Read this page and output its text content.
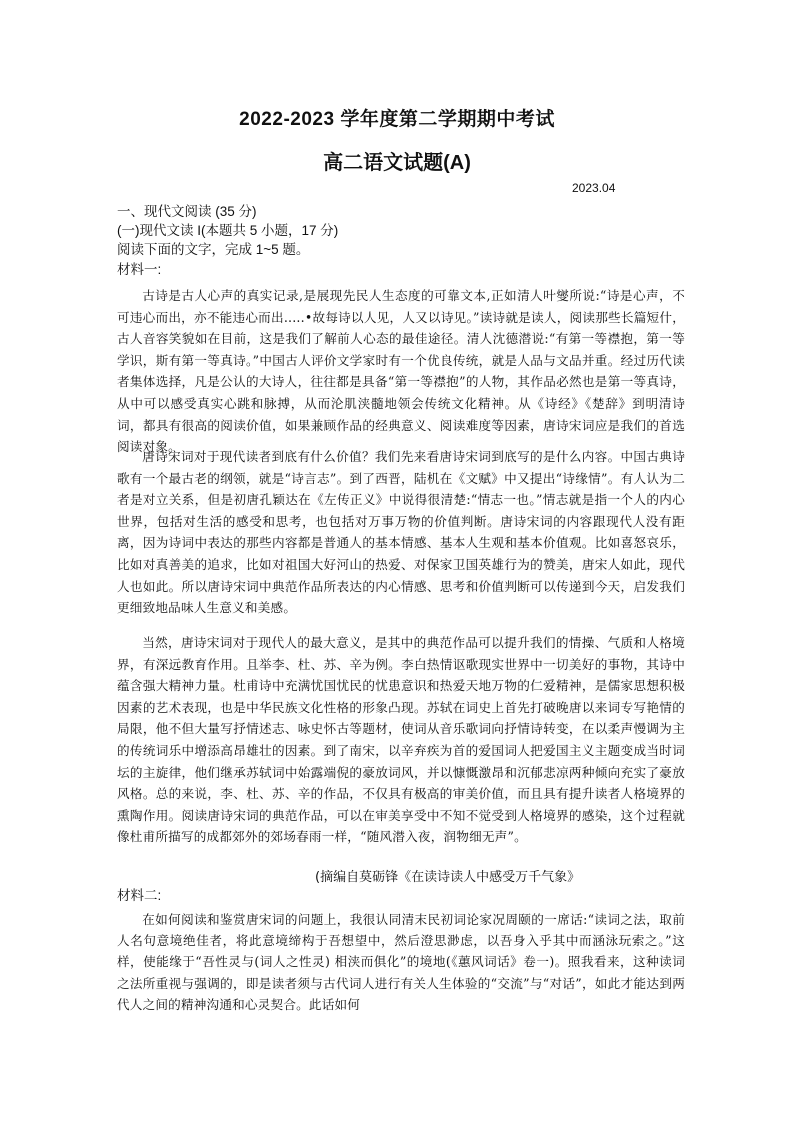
2022-2023 学年度第二学期期中考试
高二语文试题(A)
2023.04
一、现代文阅读 (35 分)
(一)现代文读 I(本题共 5 小题，17 分)
阅读下面的文字，完成 1~5 题。
材料一:
古诗是古人心声的真实记录,是展现先民人生态度的可靠文本,正如清人叶燮所说:“诗是心声，不可违心而出，亦不能违心而出.....•故每诗以人见，人又以诗见。”读诗就是读人，阅读那些长篇短什，古人音容笑貌如在目前，这是我们了解前人心态的最佳途径。清人沈德潜说:“有第一等襟抱，第一等学识，斯有第一等真诗。”中国古人评价文学家时有一个优良传统，就是人品与文品并重。经过历代读者集体选择，凡是公认的大诗人，往往都是具备“第一等襟抱”的人物，其作品必然也是第一等真诗，从中可以感受真实心跳和脉搏，从而沦肌浃髓地领会传统文化精神。从《诗经》《楚辞》到明清诗词，都具有很高的阅读价值，如果兼顾作品的经典意义、阅读难度等因素，唐诗宋词应是我们的首选阅读对象。
唐诗宋词对于现代读者到底有什么价值？我们先来看唐诗宋词到底写的是什么内容。中国古典诗歌有一个最古老的纲领，就是“诗言志”。到了西晋，陆机在《文赋》中又提出“诗缘情”。有人认为二者是对立关系，但是初唐孔颖达在《左传正义》中说得很清楚:“情志一也。”情志就是指一个人的内心世界，包括对生活的感受和思考，也包括对万事万物的价值判断。唐诗宋词的内容跟现代人没有距离，因为诗词中表达的那些内容都是普通人的基本情感、基本人生观和基本价值观。比如喜怒哀乐，比如对真善美的追求，比如对祖国大好河山的热爱、对保家卫国英雄行为的赞美，唐宋人如此，现代人也如此。所以唐诗宋词中典范作品所表达的内心情感、思考和价值判断可以传递到今天，启发我们更细致地品味人生意义和美感。
当然，唐诗宋词对于现代人的最大意义，是其中的典范作品可以提升我们的情操、气质和人格境界，有深远教育作用。且举李、杜、苏、辛为例。李白热情讴歌现实世界中一切美好的事物，其诗中蕴含强大精神力量。杜甫诗中充满忧国忧民的忧患意识和热爱天地万物的仁爱精神，是儒家思想积极因素的艺术表现，也是中华民族文化性格的形象凸现。苏轼在词史上首先打破晚唐以来词专写艳情的局限，他不但大量写抒情述志、咏史怀古等题材，使词从音乐歌词向抒情诗转变，在以柔声慢调为主的传统词乐中增添高昂雄壮的因素。到了南宋，以辛弃疾为首的爱国词人把爱国主义主题变成当时词坛的主旋律，他们继承苏轼词中始露端倪的豪放词风，并以慷慨激昂和沉郁悲凉两种倾向充实了豪放风格。总的来说，李、杜、苏、辛的作品，不仅具有极高的审美价值，而且具有提升读者人格境界的熏陶作用。阅读唐诗宋词的典范作品，可以在审美享受中不知不觉受到人格境界的感染，这个过程就像杜甫所描写的成都郊外的郊场春雨一样，“随风潜入夜，润物细无声”。
(摘编自莫砺锋《在读诗读人中感受万千气象》
材料二:
在如何阅读和鉴赏唐宋词的问题上，我很认同清末民初词论家况周颐的一席话:“读词之法，取前人名句意境绝佳者，将此意境缔构于吾想望中，然后澄思渺虑，以吾身入乎其中而涵泳玩索之。”这样，使能缘于“吾性灵与(词人之性灵) 相浃而俱化”的境地(《蕙风词话》卷一)。照我看来，这种读词之法所重视与强调的，即是读者须与古代词人进行有关人生体验的“交流”与“对话”，如此才能达到两代人之间的精神沟通和心灵契合。此话如何
